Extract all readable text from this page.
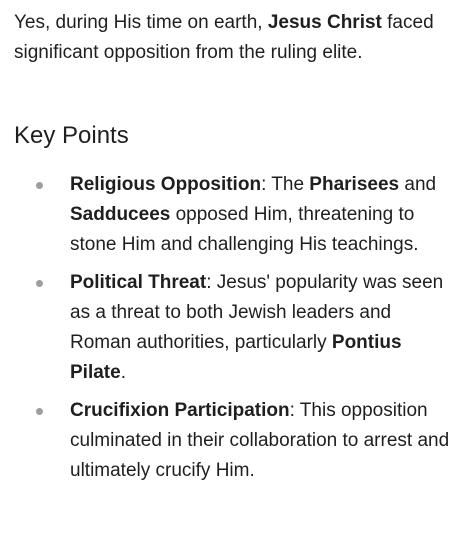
Yes, during His time on earth, Jesus Christ faced significant opposition from the ruling elite.

Key Points
Religious Opposition: The Pharisees and Sadducees opposed Him, threatening to stone Him and challenging His teachings.
Political Threat: Jesus' popularity was seen as a threat to both Jewish leaders and Roman authorities, particularly Pontius Pilate.
Crucifixion Participation: This opposition culminated in their collaboration to arrest and ultimately crucify Him.
